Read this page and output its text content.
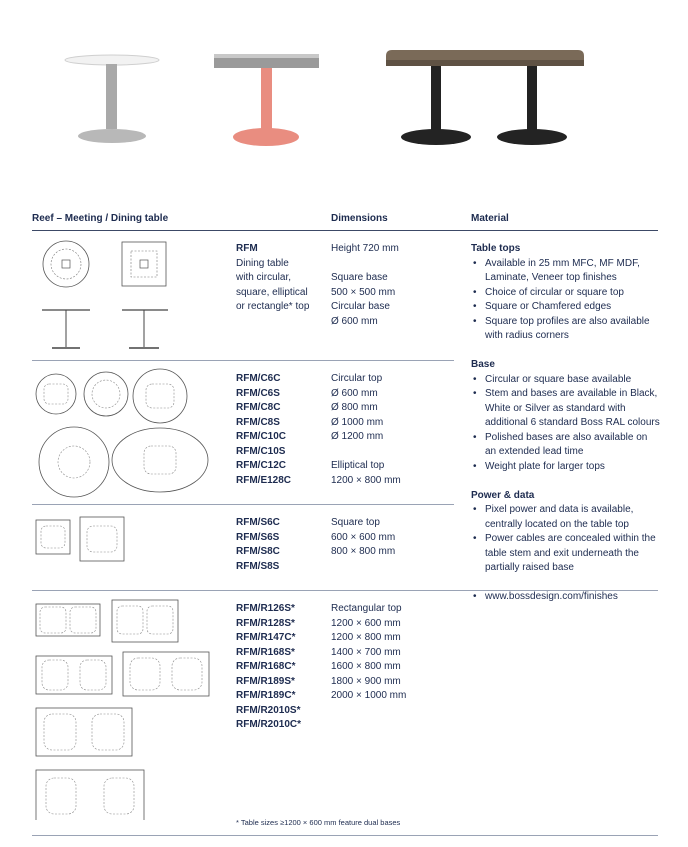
Reef – Meeting / Dining table	Dimensions	Material
RFM
Dining table
with circular,
square, elliptical
or rectangle* top
Height 720 mm

Square base
500 × 500 mm
Circular base
Ø 600 mm
RFM/C6C
RFM/C6S
RFM/C8C
RFM/C8S
RFM/C10C
RFM/C10S
RFM/C12C
RFM/E128C
Circular top
Ø 600 mm
Ø 800 mm
Ø 1000 mm
Ø 1200 mm

Elliptical top
1200 × 800 mm
RFM/S6C
RFM/S6S
RFM/S8C
RFM/S8S
Square top
600 × 600 mm
800 × 800 mm
RFM/R126S*
RFM/R128S*
RFM/R147C*
RFM/R168S*
RFM/R168C*
RFM/R189S*
RFM/R189C*
RFM/R2010S*
RFM/R2010C*
Rectangular top
1200 × 600 mm
1200 × 800 mm
1400 × 700 mm
1600 × 800 mm
1800 × 900 mm
2000 × 1000 mm
Table tops
• Available in 25 mm MFC, MF MDF, Laminate, Veneer top finishes
• Choice of circular or square top
• Square or Chamfered edges
• Square top profiles are also available with radius corners
Base
• Circular or square base available
• Stem and bases are available in Black, White or Silver as standard with additional 6 standard Boss RAL colours
• Polished bases are also available on an extended lead time
• Weight plate for larger tops
Power & data
• Pixel power and data is available, centrally located on the table top
• Power cables are concealed within the table stem and exit underneath the partially raised base
• www.bossdesign.com/finishes
* Table sizes ≥1200 × 600 mm feature dual bases
